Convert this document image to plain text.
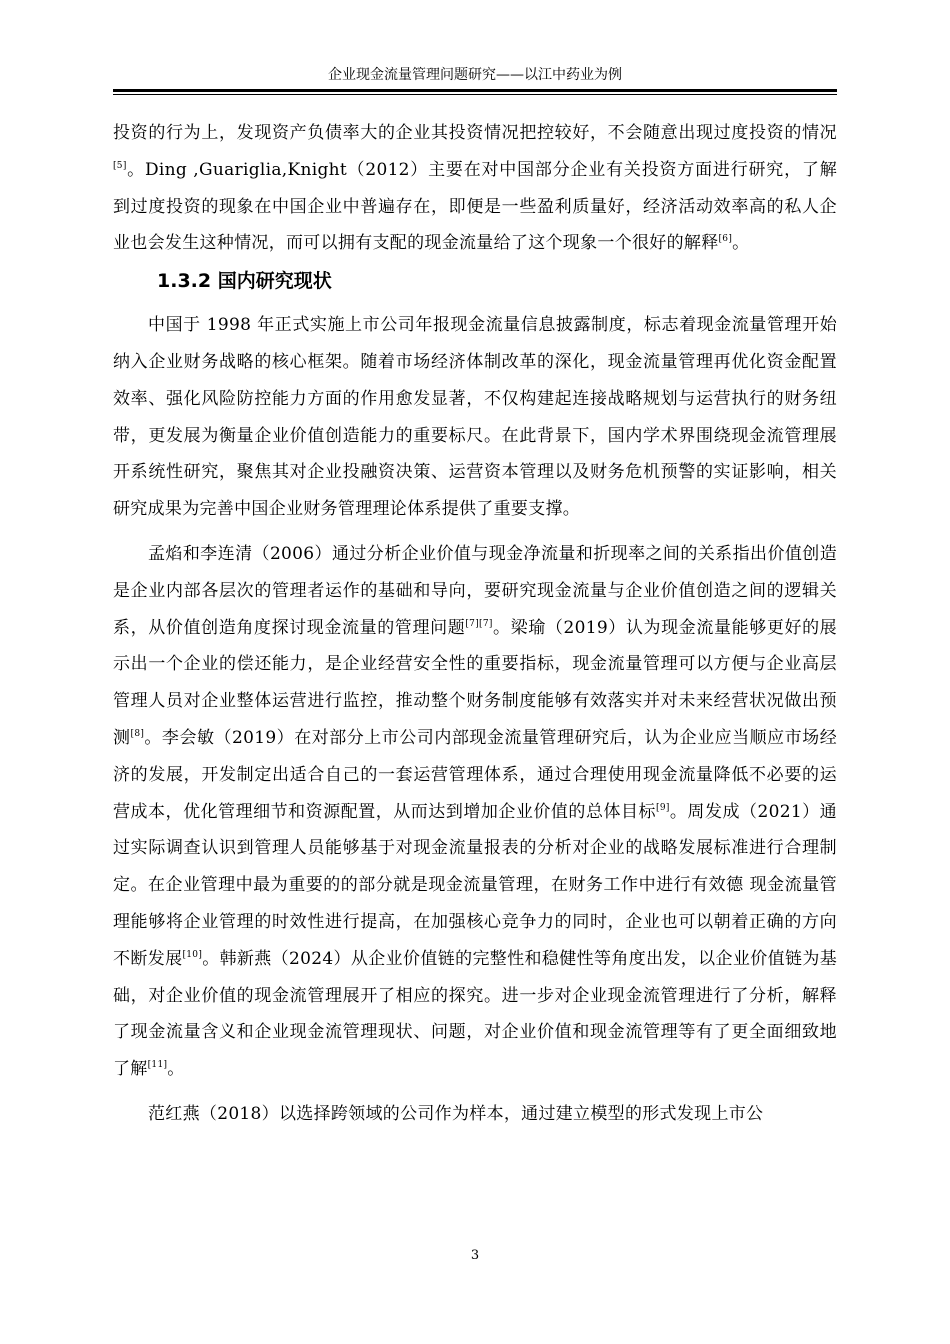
企业现金流量管理问题研究——以江中药业为例

投资的行为上，发现资产负债率大的企业其投资情况把控较好，不会随意出现过度投资的情况[5]。Ding ,Guariglia,Knight（2012）主要在对中国部分企业有关投资方面进行研究，了解到过度投资的现象在中国企业中普遍存在，即便是一些盈利质量好，经济活动效率高的私人企业也会发生这种情况，而可以拥有支配的现金流量给了这个现象一个很好的解释[6]。

1.3.2 国内研究现状

中国于 1998 年正式实施上市公司年报现金流量信息披露制度，标志着现金流量管理开始纳入企业财务战略的核心框架。随着市场经济体制改革的深化，现金流量管理再优化资金配置效率、强化风险防控能力方面的作用愈发显著，不仅构建起连接战略规划与运营执行的财务纽带，更发展为衡量企业价值创造能力的重要标尺。在此背景下，国内学术界围绕现金流管理展开系统性研究，聚焦其对企业投融资决策、运营资本管理以及财务危机预警的实证影响，相关研究成果为完善中国企业财务管理理论体系提供了重要支撑。

孟焰和李连清（2006）通过分析企业价值与现金净流量和折现率之间的关系指出价值创造是企业内部各层次的管理者运作的基础和导向，要研究现金流量与企业价值创造之间的逻辑关系，从价值创造角度探讨现金流量的管理问题[7][7]。梁瑜（2019）认为现金流量能够更好的展示出一个企业的偿还能力，是企业经营安全性的重要指标，现金流量管理可以方便与企业高层管理人员对企业整体运营进行监控，推动整个财务制度能够有效落实并对未来经营状况做出预测[8]。李会敏（2019）在对部分上市公司内部现金流量管理研究后，认为企业应当顺应市场经济的发展，开发制定出适合自己的一套运营管理体系，通过合理使用现金流量降低不必要的运营成本，优化管理细节和资源配置，从而达到增加企业价值的总体目标[9]。周发成（2021）通过实际调查认识到管理人员能够基于对现金流量报表的分析对企业的战略发展标准进行合理制定。在企业管理中最为重要的的部分就是现金流量管理，在财务工作中进行有效德 现金流量管理能够将企业管理的时效性进行提高，在加强核心竞争力的同时，企业也可以朝着正确的方向不断发展[10]。韩新燕（2024）从企业价值链的完整性和稳健性等角度出发，以企业价值链为基础，对企业价值的现金流管理展开了相应的探究。进一步对企业现金流管理进行了分析，解释了现金流量含义和企业现金流管理现状、问题，对企业价值和现金流管理等有了更全面细致地了解[11]。

范红燕（2018）以选择跨领域的公司作为样本，通过建立模型的形式发现上市公

3
